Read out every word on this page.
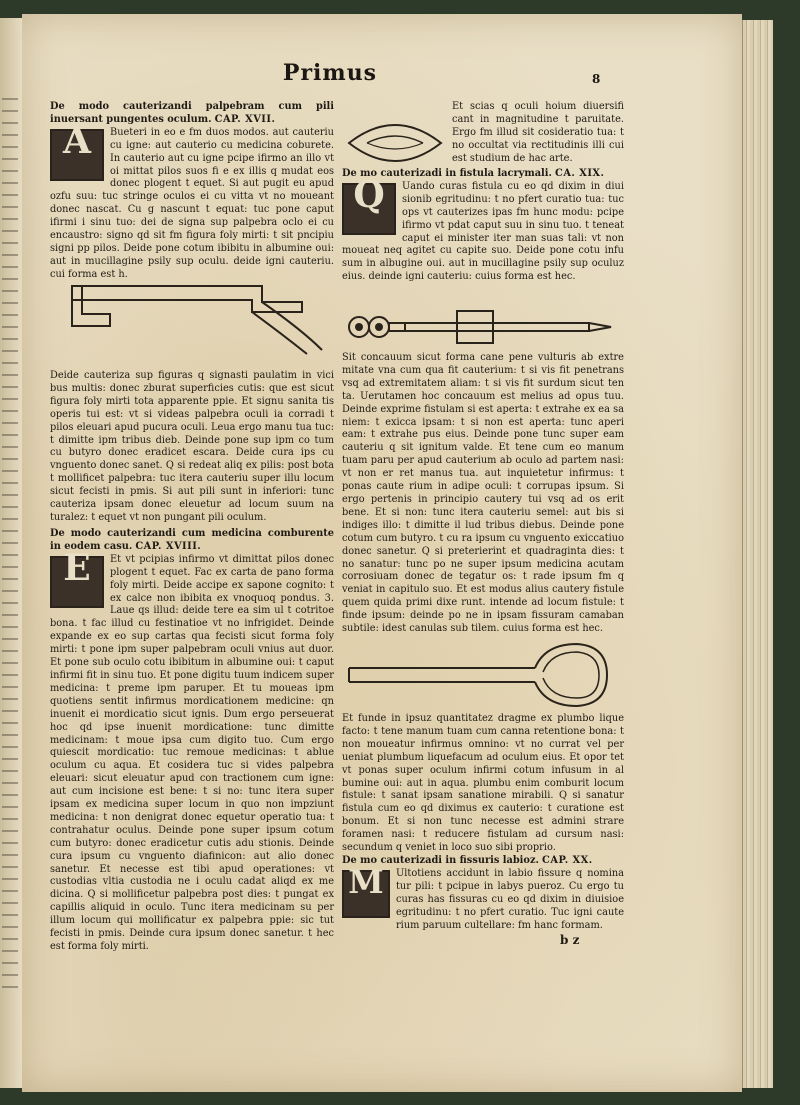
Primus	8

De modo cauterizandi palpebram cum pili inuersant pungentes oculum. CAP. XVII.

A	Bueteri in eo e fm duos modos. aut cauteriu cu igne: aut cauterio cu medicina coburete. In cauterio aut cu igne pcipe ifirmo an illo vt oi mittat pilos suos fi e ex illis q mudat eos donec plogent t equet. Si aut pugit eu apud ozfu suu: tuc stringe oculos ei cu vitta vt no moueant donec nascat. Cu g nascunt t equat: tuc pone caput ifirmi i sinu tuo: dei de signa sup palpebra oclo ei cu encaustro: signo qd sit fm figura foly mirti: t sit pncipiu signi pp pilos. Deide pone cotum ibibitu in albumine oui: aut in mucillagine psily sup oculu. deide igni cauteriu. cui forma est h.

Deide cauteriza sup figuras q signasti paulatim in vici bus multis: donec zburat superficies cutis: que est sicut figura foly mirti tota apparente ppie. Et signu sanita tis operis tui est: vt si videas palpebra oculi ia corradi t pilos eleuari apud pucura oculi. Leua ergo manu tua tuc: t dimitte ipm tribus dieb. Deinde pone sup ipm co tum cu butyro donec eradicet escara. Deide cura ips cu vnguento donec sanet. Q si redeat aliq ex pilis: post bota t mollificet palpebra: tuc itera cauteriu super illu locum sicut fecisti in pmis. Si aut pili sunt in inferiori: tunc cauteriza ipsam donec eleuetur ad locum suum na turalez: t equet vt non pungant pili oculum.

De modo cauterizandi cum medicina comburente in eodem casu. CAP. XVIII.

E	Et vt pcipias infirmo vt dimittat pilos donec plogent t equet. Fac ex carta de pano forma foly mirti. Deide accipe ex sapone cognito: t ex calce non ibibita ex vnoquoq pondus. 3. Laue qs illud: deide tere ea sim ul t cotritoe bona. t fac illud cu festinatioe vt no infrigidet. Deinde expande ex eo sup cartas qua fecisti sicut forma foly mirti: t pone ipm super palpebram oculi vnius aut duor. Et pone sub oculo cotu ibibitum in albumine oui: t caput infirmi fit in sinu tuo. Et pone digitu tuum indicem super medicina: t preme ipm paruper. Et tu moueas ipm quotiens sentit infirmus mordicationem medicine: qn inuenit ei mordicatio sicut ignis. Dum ergo perseuerat hoc qd ipse inuenit mordicatione: tunc dimitte medicinam: t moue ipsa cum digito tuo. Cum ergo quiescit mordicatio: tuc remoue medicinas: t ablue oculum cu aqua. Et cosidera tuc si vides palpebra eleuari: sicut eleuatur apud con tractionem cum igne: aut cum incisione est bene: t si no: tunc itera super ipsam ex medicina super locum in quo non impziunt medicina: t non denigrat donec equetur operatio tua: t contrahatur oculus. Deinde pone super ipsum cotum cum butyro: donec eradicetur cutis adu stionis. Deinde cura ipsum cu vnguento diafinicon: aut alio donec sanetur. Et necesse est tibi apud operationes: vt custodias vltia custodia ne i oculu cadat aliqd ex me dicina. Q si mollificetur palpebra post dies: t pungat ex capillis aliquid in oculo. Tunc itera medicinam su per illum locum qui mollificatur ex palpebra ppie: sic tut fecisti in pmis. Deinde cura ipsum donec sanetur. t hec est forma foly mirti.

Et scias q oculi hoium diuersifi cant in magnitudine t paruitate. Ergo fm illud sit cosideratio tua: t no occultat via rectitudinis illi cui est studium de hac arte.

De mo cauterizadi in fistula lacrymali. CA. XIX.

Q	Uando curas fistula cu eo qd dixim in diui sionib egritudinu: t no pfert curatio tua: tuc ops vt cauterizes ipas fm hunc modu: pcipe ifirmo vt pdat caput suu in sinu tuo. t teneat caput ei minister iter man suas tali: vt non moueat neq agitet cu capite suo. Deide pone cotu infu sum in albugine oui. aut in mucillagine psily sup oculuz eius. deinde igni cauteriu: cuius forma est hec.

Sit concauum sicut forma cane pene vulturis ab extre mitate vna cum qua fit cauterium: t si vis fit penetrans vsq ad extremitatem aliam: t si vis fit surdum sicut ten ta. Uerutamen hoc concauum est melius ad opus tuu. Deinde exprime fistulam si est aperta: t extrahe ex ea sa niem: t exicca ipsam: t si non est aperta: tunc aperi eam: t extrahe pus eius. Deinde pone tunc super eam cauteriu q sit ignitum valde. Et tene cum eo manum tuam paru per apud cauterium ab oculo ad partem nasi: vt non er ret manus tua. aut inquietetur infirmus: t ponas caute rium in adipe oculi: t corrupas ipsum. Si ergo pertenis in principio cautery tui vsq ad os erit bene. Et si non: tunc itera cauteriu semel: aut bis si indiges illo: t dimitte il lud tribus diebus. Deinde pone cotum cum butyro. t cu ra ipsum cu vnguento exiccatiuo donec sanetur. Q si preterierint et quadraginta dies: t no sanatur: tunc po ne super ipsum medicina acutam corrosiuam donec de tegatur os: t rade ipsum fm q veniat in capitulo suo. Et est modus alius cautery fistule quem quida primi dixe runt. intende ad locum fistule: t finde ipsum: deinde po ne in ipsam fissuram camaban subtile: idest canulas sub tilem. cuius forma est hec.

Et funde in ipsuz quantitatez dragme ex plumbo lique facto: t tene manum tuam cum canna retentione bona: t non moueatur infirmus omnino: vt no currat vel per ueniat plumbum liquefacum ad oculum eius. Et opor tet vt ponas super oculum infirmi cotum infusum in al bumine oui: aut in aqua. plumbu enim comburit locum fistule: t sanat ipsam sanatione mirabili. Q si sanatur fistula cum eo qd diximus ex cauterio: t curatione est bonum. Et si non tunc necesse est admini strare foramen nasi: t reducere fistulam ad cursum nasi: secundum q veniet in loco suo sibi proprio.

De mo cauterizadi in fissuris labioz. CAP. XX.

M	Ultotiens accidunt in labio fissure q nomina tur pili: t pcipue in labys pueroz. Cu ergo tu curas has fissuras cu eo qd dixim in diuisioe egritudinu: t no pfert curatio. Tuc igni caute rium paruum cultellare: fm hanc formam.

b z
